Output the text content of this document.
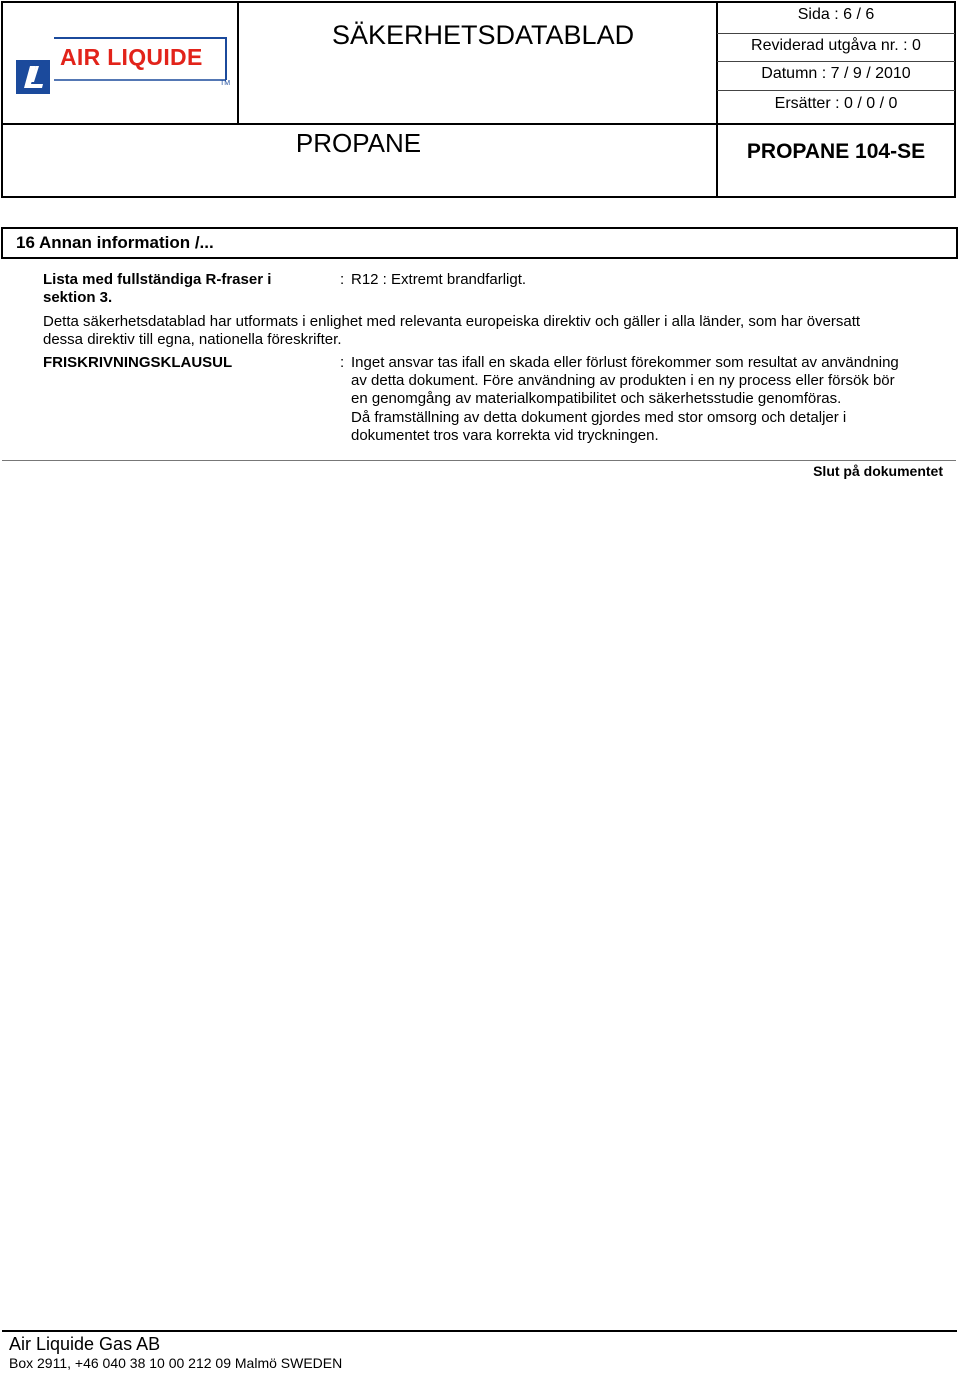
AIR LIQUIDE
TM
SÄKERHETSDATABLAD
Sida : 6 / 6
Reviderad utgåva nr. : 0
Datumn : 7 / 9 / 2010
Ersätter : 0 / 0 / 0
PROPANE	PROPANE 104-SE
16 Annan information /...
Lista med fullständiga R-fraser i
sektion 3.
: R12 : Extremt brandfarligt.
Detta säkerhetsdatablad har utformats i enlighet med relevanta europeiska direktiv och gäller i alla länder, som har översatt
dessa direktiv till egna, nationella föreskrifter.
FRISKRIVNINGSKLAUSUL	: Inget ansvar tas ifall en skada eller förlust förekommer som resultat av användning
av detta dokument. Före användning av produkten i en ny process eller försök bör
en genomgång av materialkompatibilitet och säkerhetsstudie genomföras.
Då framställning av detta dokument gjordes med stor omsorg och detaljer i
dokumentet tros vara korrekta vid tryckningen.
Slut på dokumentet
Air Liquide Gas AB
Box 2911, +46 040 38 10 00 212 09 Malmö SWEDEN
